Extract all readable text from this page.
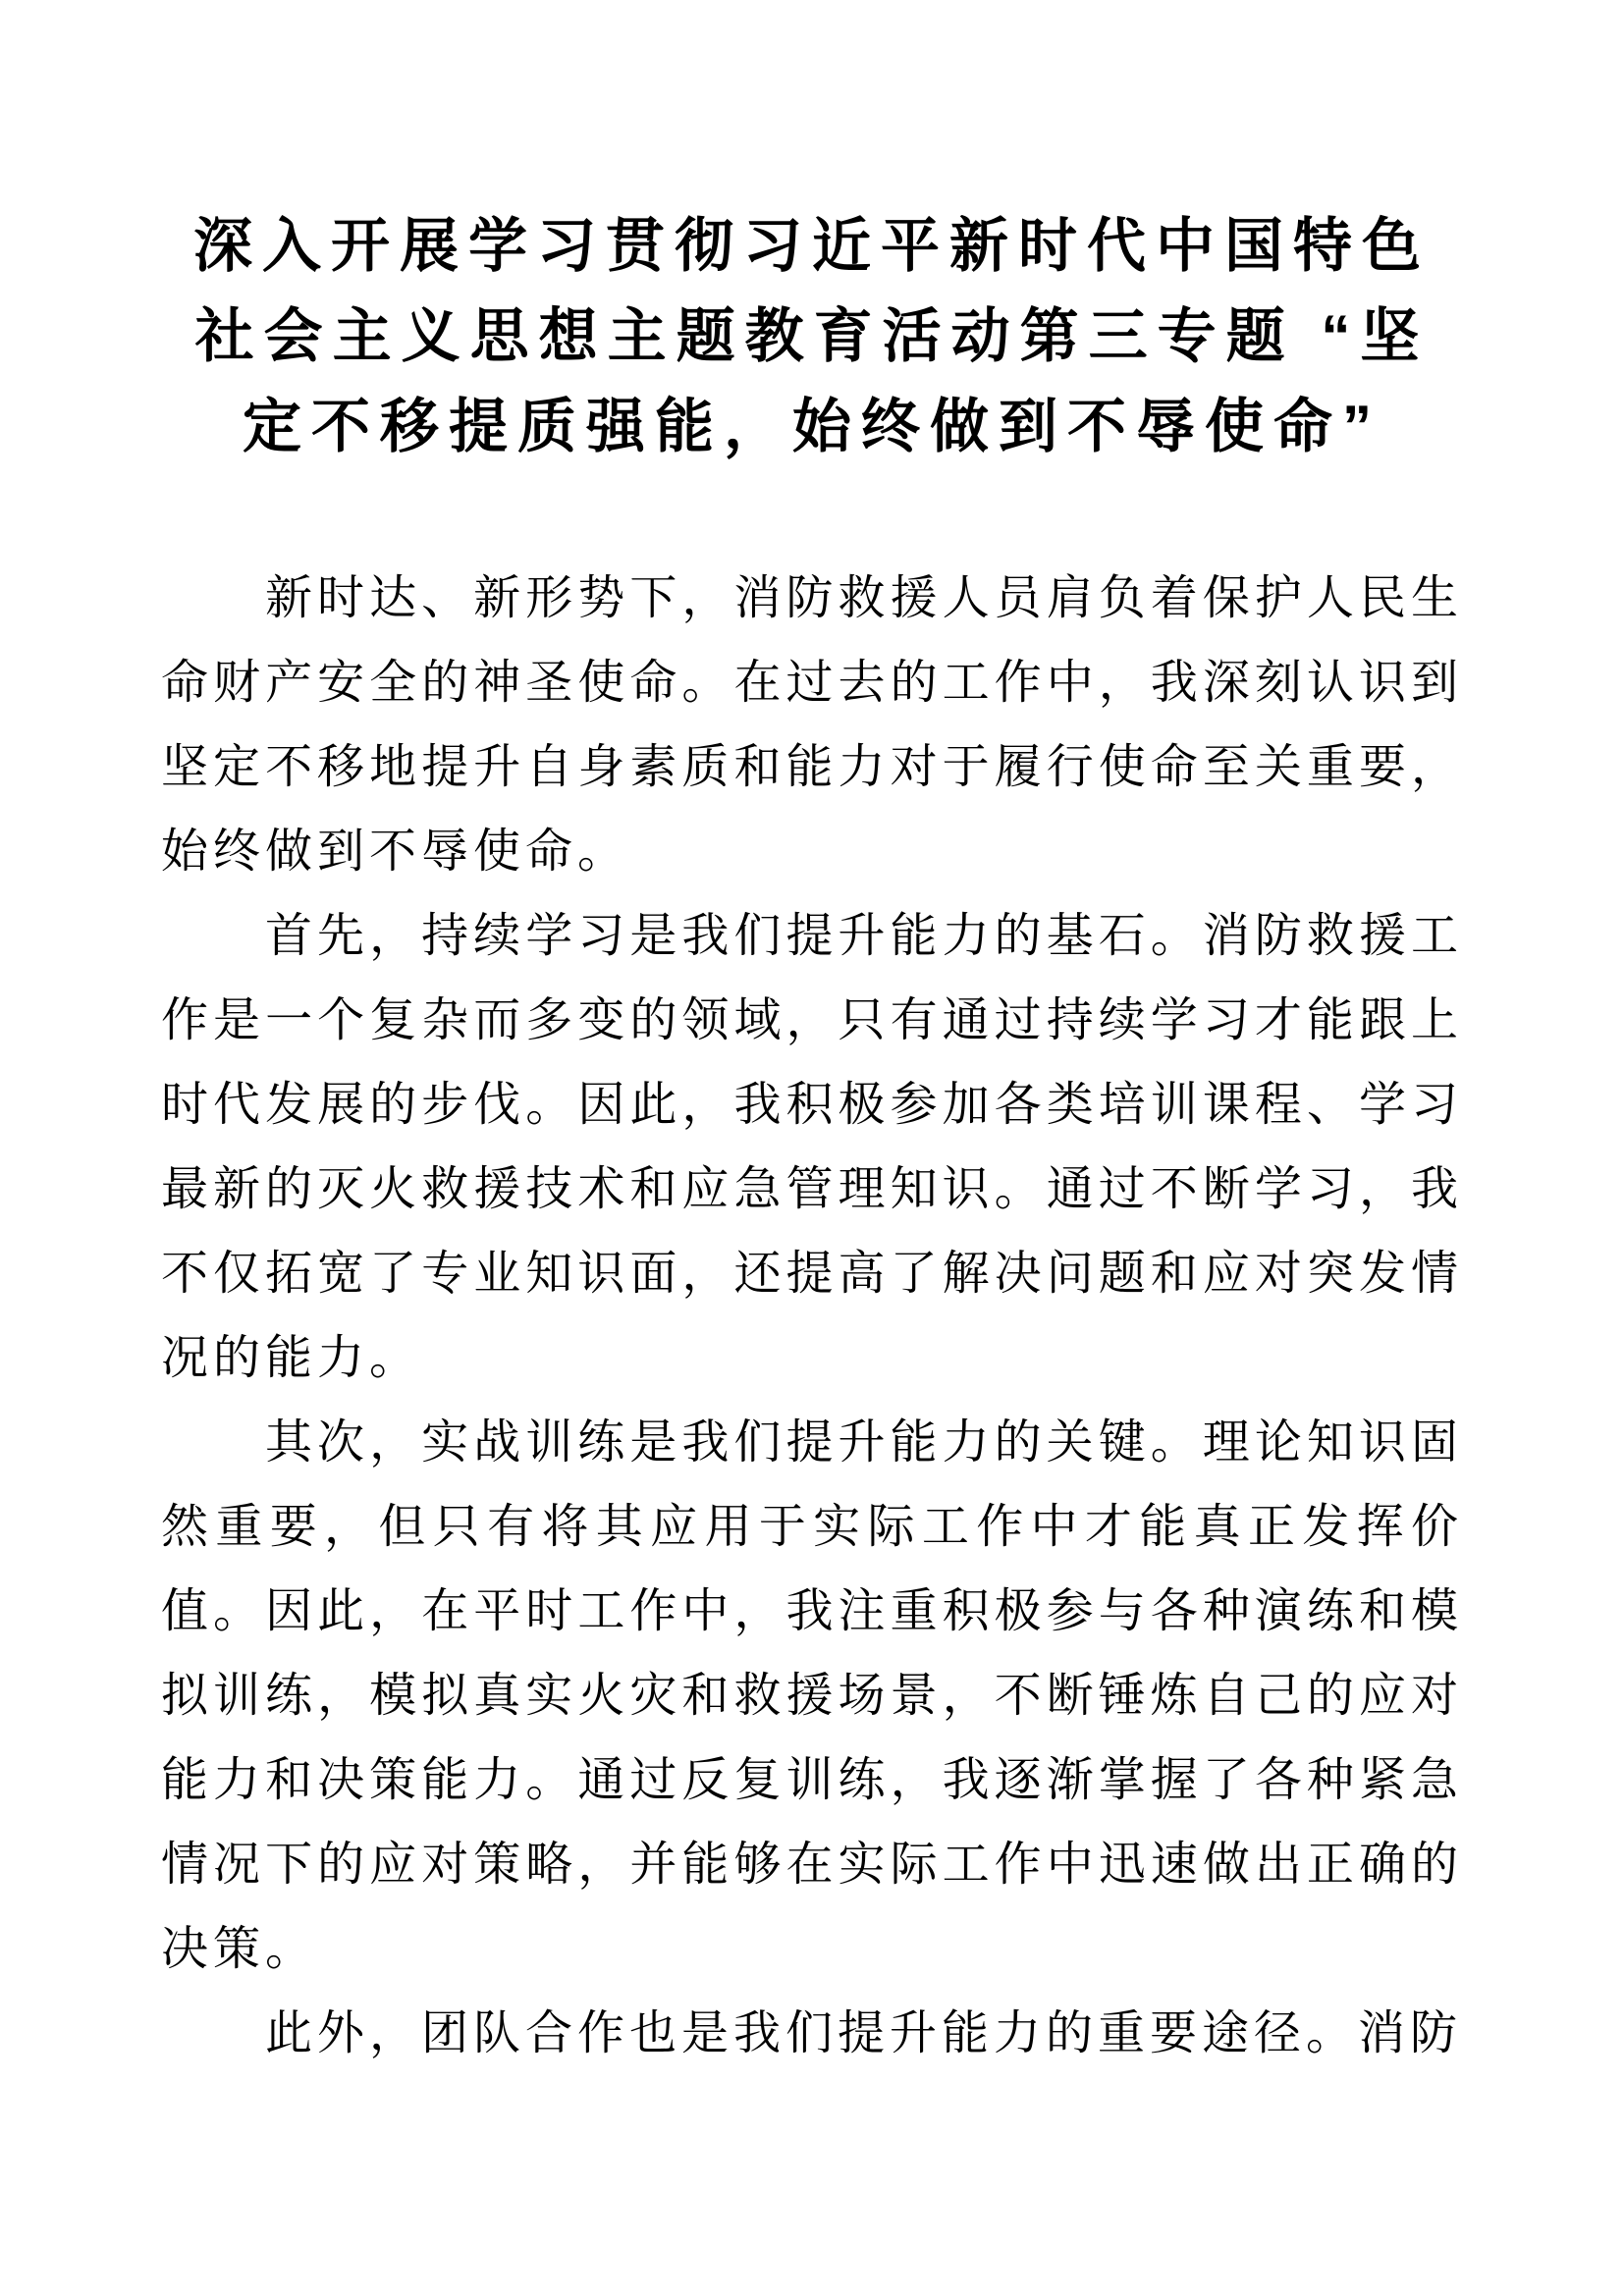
深入开展学习贯彻习近平新时代中国特色社会主义思想主题教育活动第三专题 “坚定不移提质强能，始终做到不辱使命”

新时达、新形势下，消防救援人员肩负着保护人民生命财产安全的神圣使命。在过去的工作中，我深刻认识到坚定不移地提升自身素质和能力对于履行使命至关重要，始终做到不辱使命。

首先，持续学习是我们提升能力的基石。消防救援工作是一个复杂而多变的领域，只有通过持续学习才能跟上时代发展的步伐。因此，我积极参加各类培训课程、学习最新的灭火救援技术和应急管理知识。通过不断学习，我不仅拓宽了专业知识面，还提高了解决问题和应对突发情况的能力。

其次，实战训练是我们提升能力的关键。理论知识固然重要，但只有将其应用于实际工作中才能真正发挥价值。因此，在平时工作中，我注重积极参与各种演练和模拟训练，模拟真实火灾和救援场景，不断锤炼自己的应对能力和决策能力。通过反复训练，我逐渐掌握了各种紧急情况下的应对策略，并能够在实际工作中迅速做出正确的决策。

此外，团队合作也是我们提升能力的重要途径。消防
